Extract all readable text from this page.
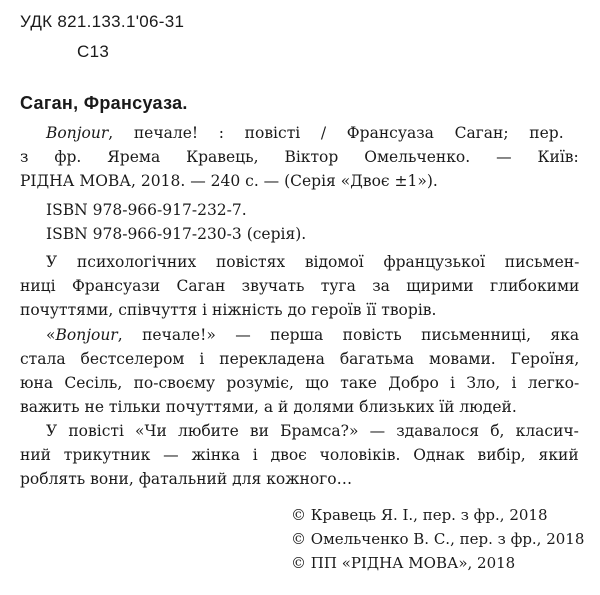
УДК 821.133.1'06-31
С13
Саган, Франсуаза.
Bonjour, печале! : повісті / Франсуаза Саган; пер.
з фр. Ярема Кравець, Віктор Омельченко. — Київ:
РІДНА МОВА, 2018. — 240 с. — (Серія «Двоє ±1»).
ISBN 978-966-917-232-7.
ISBN 978-966-917-230-3 (серія).
У психологічних повістях відомої французької письмен-
ниці Франсуази Саган звучать туга за щирими глибокими
почуттями, співчуття і ніжність до героїв її творів.
«Bonjour, печале!» — перша повість письменниці, яка
стала бестселером і перекладена багатьма мовами. Героїня,
юна Сесіль, по-своєму розуміє, що таке Добро і Зло, і легко-
важить не тільки почуттями, а й долями близьких їй людей.
У повісті «Чи любите ви Брамса?» — здавалося б, класич-
ний трикутник — жінка і двоє чоловіків. Однак вибір, який
роблять вони, фатальний для кожного…
© Кравець Я. І., пер. з фр., 2018
© Омельченко В. С., пер. з фр., 2018
© ПП «РІДНА МОВА», 2018
